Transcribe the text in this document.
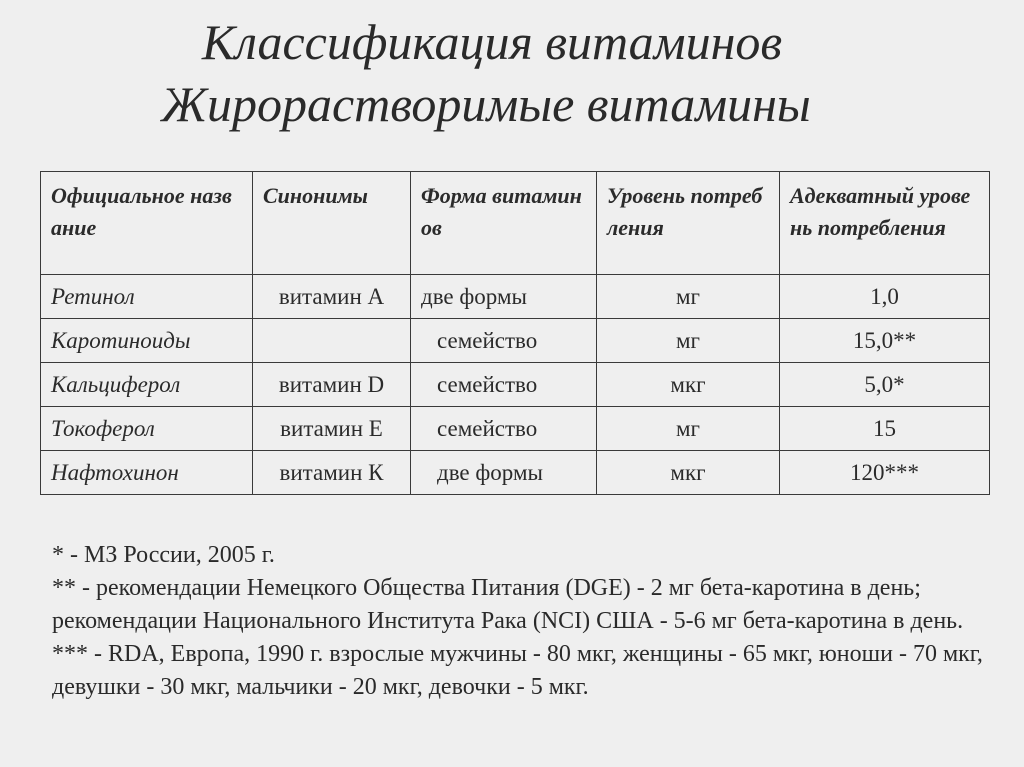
Классификация витаминов
Жирорастворимые витамины
Официальное название	Синонимы	Форма витаминов	Уровень потребления	Адекватный уровень потребления
Ретинол	витамин А	две формы	мг	1,0
Каротиноиды		семейство	мг	15,0**
Кальциферол	витамин D	семейство	мкг	5,0*
Токоферол	витамин Е	семейство	мг	15
Нафтохинон	витамин К	две формы	мкг	120***

* - МЗ России, 2005 г.

** - рекомендации Немецкого Общества Питания (DGE) - 2 мг бета-каротина в день; рекомендации Национального Института Рака (NCI) США - 5-6 мг бета-каротина в день.

*** - RDA, Европа, 1990 г. взрослые мужчины - 80 мкг, женщины - 65 мкг, юноши - 70 мкг, девушки - 30 мкг, мальчики - 20 мкг, девочки - 5 мкг.
